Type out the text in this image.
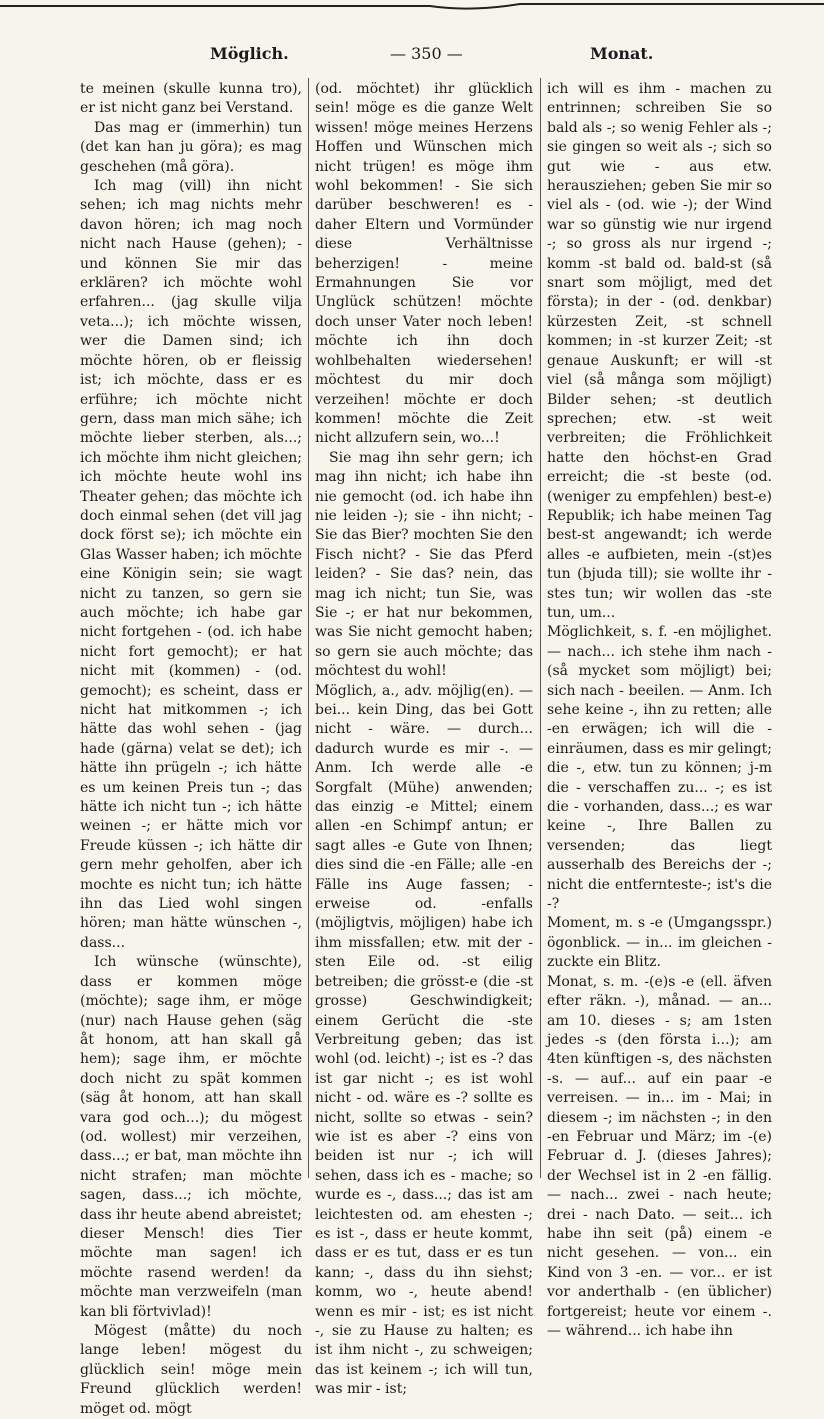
Möglich.	— 350 —	Monat.

te meinen (skulle kunna tro), er ist nicht ganz bei Verstand.

Das mag er (immerhin) tun (det kan han ju göra); es mag geschehen (må göra).

Ich mag (vill) ihn nicht sehen; ich mag nichts mehr davon hören; ich mag noch nicht nach Hause (gehen); - und können Sie mir das erklären? ich möchte wohl erfahren... (jag skulle vilja veta...); ich möchte wissen, wer die Damen sind; ich möchte hören, ob er fleissig ist; ich möchte, dass er es erführe; ich möchte nicht gern, dass man mich sähe; ich möchte lieber sterben, als...; ich möchte ihm nicht gleichen; ich möchte heute wohl ins Theater gehen; das möchte ich doch einmal sehen (det vill jag dock först se); ich möchte ein Glas Wasser haben; ich möchte eine Königin sein; sie wagt nicht zu tanzen, so gern sie auch möchte; ich habe gar nicht fortgehen - (od. ich habe nicht fort gemocht); er hat nicht mit (kommen) - (od. gemocht); es scheint, dass er nicht hat mitkommen -; ich hätte das wohl sehen - (jag hade (gärna) velat se det); ich hätte ihn prügeln -; ich hätte es um keinen Preis tun -; das hätte ich nicht tun -; ich hätte weinen -; er hätte mich vor Freude küssen -; ich hätte dir gern mehr geholfen, aber ich mochte es nicht tun; ich hätte ihn das Lied wohl singen hören; man hätte wünschen -, dass...

Ich wünsche (wünschte), dass er kommen möge (möchte); sage ihm, er möge (nur) nach Hause gehen (säg åt honom, att han skall gå hem); sage ihm, er möchte doch nicht zu spät kommen (säg åt honom, att han skall vara god och...); du mögest (od. wollest) mir verzeihen, dass...; er bat, man möchte ihn nicht strafen; man möchte sagen, dass...; ich möchte, dass ihr heute abend abreistet; dieser Mensch! dies Tier möchte man sagen! ich möchte rasend werden! da möchte man verzweifeln (man kan bli förtvivlad)!

Mögest (måtte) du noch lange leben! mögest du glücklich sein! möge mein Freund glücklich werden! möget od. mögt

(od. möchtet) ihr glücklich sein! möge es die ganze Welt wissen! möge meines Herzens Hoffen und Wünschen mich nicht trügen! es möge ihm wohl bekommen! - Sie sich darüber beschweren! es - daher Eltern und Vormünder diese Verhältnisse beherzigen! - meine Ermahnungen Sie vor Unglück schützen! möchte doch unser Vater noch leben! möchte ich ihn doch wohlbehalten wiedersehen! möchtest du mir doch verzeihen! möchte er doch kommen! möchte die Zeit nicht allzufern sein, wo...!

Sie mag ihn sehr gern; ich mag ihn nicht; ich habe ihn nie gemocht (od. ich habe ihn nie leiden -); sie - ihn nicht; - Sie das Bier? mochten Sie den Fisch nicht? - Sie das Pferd leiden? - Sie das? nein, das mag ich nicht; tun Sie, was Sie -; er hat nur bekommen, was Sie nicht gemocht haben; so gern sie auch möchte; das möchtest du wohl!

Möglich, a., adv. möjlig(en). — bei... kein Ding, das bei Gott nicht - wäre. — durch... dadurch wurde es mir -. — Anm. Ich werde alle -e Sorgfalt (Mühe) anwenden; das einzig -e Mittel; einem allen -en Schimpf antun; er sagt alles -e Gute von Ihnen; dies sind die -en Fälle; alle -en Fälle ins Auge fassen; -erweise od. -enfalls (möjligtvis, möjligen) habe ich ihm missfallen; etw. mit der -sten Eile od. -st eilig betreiben; die grösst-e (die -st grosse) Geschwindigkeit; einem Gerücht die -ste Verbreitung geben; das ist wohl (od. leicht) -; ist es -? das ist gar nicht -; es ist wohl nicht - od. wäre es -? sollte es nicht, sollte so etwas - sein? wie ist es aber -? eins von beiden ist nur -; ich will sehen, dass ich es - mache; so wurde es -, dass...; das ist am leichtesten od. am ehesten -; es ist -, dass er heute kommt, dass er es tut, dass er es tun kann; -, dass du ihn siehst; komm, wo -, heute abend! wenn es mir - ist; es ist nicht -, sie zu Hause zu halten; es ist ihm nicht -, zu schweigen; das ist keinem -; ich will tun, was mir - ist;

ich will es ihm - machen zu entrinnen; schreiben Sie so bald als -; so wenig Fehler als -; sie gingen so weit als -; sich so gut wie - aus etw. herausziehen; geben Sie mir so viel als - (od. wie -); der Wind war so günstig wie nur irgend -; so gross als nur irgend -; komm -st bald od. bald-st (så snart som möjligt, med det första); in der - (od. denkbar) kürzesten Zeit, -st schnell kommen; in -st kurzer Zeit; -st genaue Auskunft; er will -st viel (så många som möjligt) Bilder sehen; -st deutlich sprechen; etw. -st weit verbreiten; die Fröhlichkeit hatte den höchst-en Grad erreicht; die -st beste (od. (weniger zu empfehlen) best-e) Republik; ich habe meinen Tag best-st angewandt; ich werde alles -e aufbieten, mein -(st)es tun (bjuda till); sie wollte ihr -stes tun; wir wollen das -ste tun, um...

Möglichkeit, s. f. -en möjlighet. — nach... ich stehe ihm nach - (så mycket som möjligt) bei; sich nach - beeilen. — Anm. Ich sehe keine -, ihn zu retten; alle -en erwägen; ich will die - einräumen, dass es mir gelingt; die -, etw. tun zu können; j-m die - verschaffen zu... -; es ist die - vorhanden, dass...; es war keine -, Ihre Ballen zu versenden; das liegt ausserhalb des Bereichs der -; nicht die entfernteste-; ist's die -?

Moment, m. s -e (Umgangsspr.) ögonblick. — in... im gleichen - zuckte ein Blitz.

Monat, s. m. -(e)s -e (ell. äfven efter räkn. -), månad. — an... am 10. dieses - s; am 1sten jedes -s (den första i...); am 4ten künftigen -s, des nächsten -s. — auf... auf ein paar -e verreisen. — in... im - Mai; in diesem -; im nächsten -; in den -en Februar und März; im -(e) Februar d. J. (dieses Jahres); der Wechsel ist in 2 -en fällig. — nach... zwei - nach heute; drei - nach Dato. — seit... ich habe ihn seit (på) einem -e nicht gesehen. — von... ein Kind von 3 -en. — vor... er ist vor anderthalb - (en üblicher) fortgereist; heute vor einem -. — während... ich habe ihn
